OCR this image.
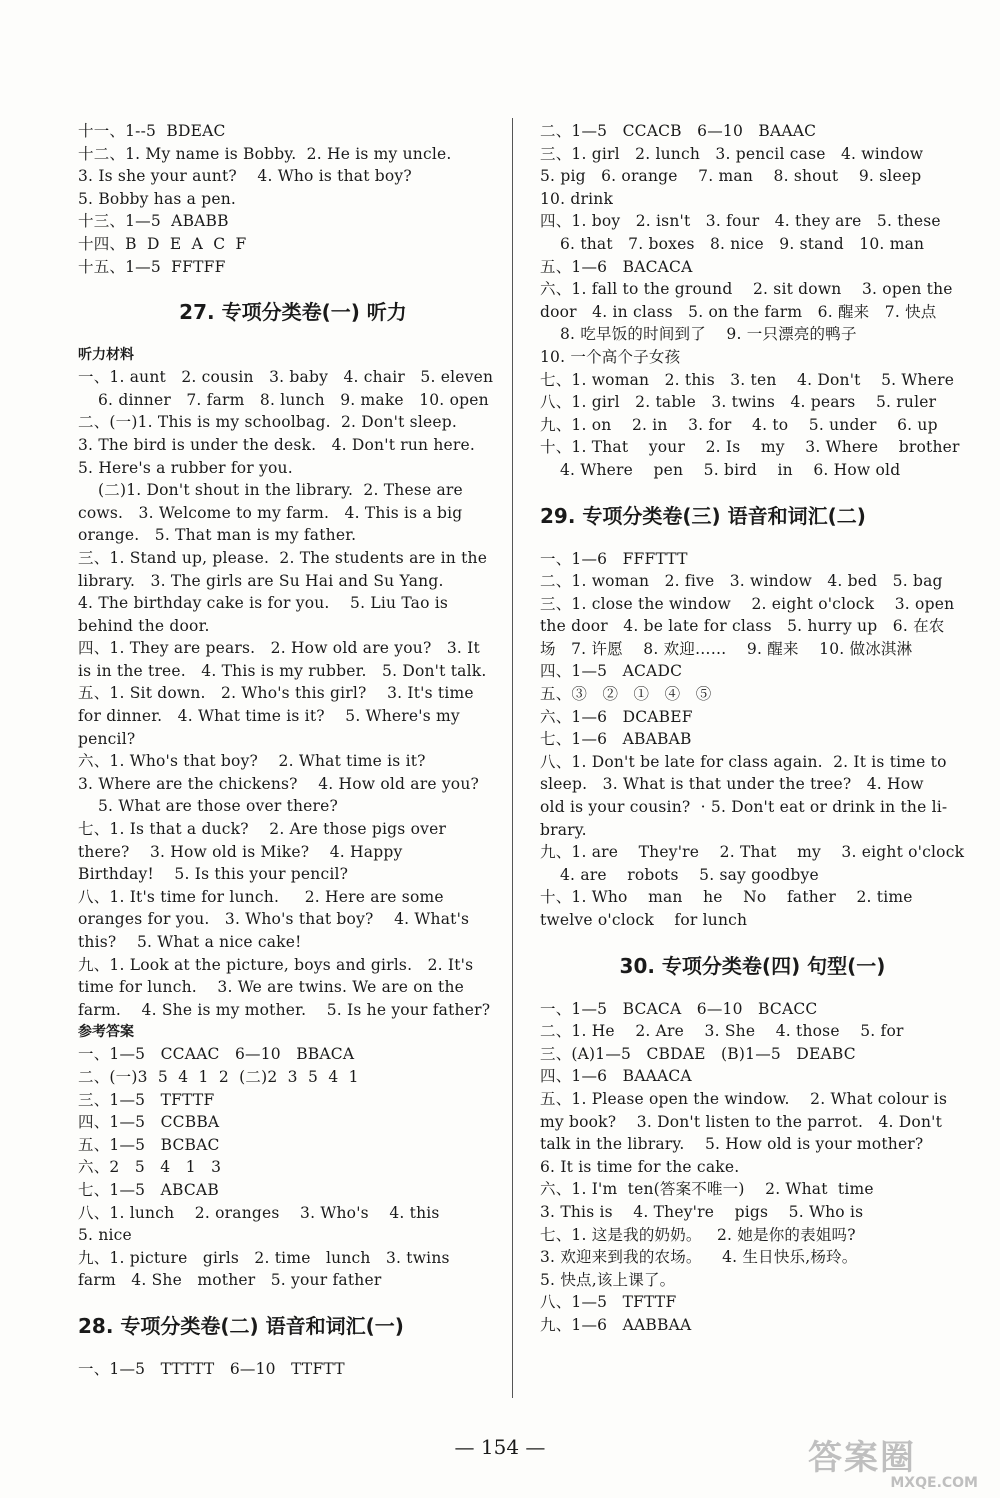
十一、1--5  BDEAC
十二、1. My name is Bobby.  2. He is my uncle.
3. Is she your aunt?    4. Who is that boy?
5. Bobby has a pen.
十三、1—5  ABABB
十四、B  D  E  A  C  F
十五、1—5  FFTFF
27. 专项分类卷(一) 听力
听力材料
一、1. aunt   2. cousin   3. baby   4. chair   5. eleven
6. dinner   7. farm   8. lunch   9. make   10. open
二、(一)1. This is my schoolbag.  2. Don't sleep.
3. The bird is under the desk.   4. Don't run here.
5. Here's a rubber for you.
(二)1. Don't shout in the library.  2. These are
cows.   3. Welcome to my farm.   4. This is a big
orange.   5. That man is my father.
三、1. Stand up, please.  2. The students are in the
library.   3. The girls are Su Hai and Su Yang.
4. The birthday cake is for you.    5. Liu Tao is
behind the door.
四、1. They are pears.   2. How old are you?   3. It
is in the tree.   4. This is my rubber.   5. Don't talk.
五、1. Sit down.   2. Who's this girl?    3. It's time
for dinner.   4. What time is it?    5. Where's my
pencil?
六、1. Who's that boy?    2. What time is it?
3. Where are the chickens?    4. How old are you?
5. What are those over there?
七、1. Is that a duck?    2. Are those pigs over
there?    3. How old is Mike?    4. Happy
Birthday!    5. Is this your pencil?
八、1. It's time for lunch.     2. Here are some
oranges for you.   3. Who's that boy?    4. What's
this?    5. What a nice cake!
九、1. Look at the picture, boys and girls.   2. It's
time for lunch.    3. We are twins. We are on the
farm.    4. She is my mother.    5. Is he your father?
参考答案
一、1—5   CCAAC   6—10   BBACA
二、(一)3  5  4  1  2  (二)2  3  5  4  1
三、1—5   TFTTF
四、1—5   CCBBA
五、1—5   BCBAC
六、2   5   4   1   3
七、1—5   ABCAB
八、1. lunch    2. oranges    3. Who's    4. this
5. nice
九、1. picture   girls   2. time   lunch   3. twins
farm   4. She   mother   5. your father
28. 专项分类卷(二) 语音和词汇(一)
一、1—5   TTTTT   6—10   TTFTT
二、1—5   CCACB   6—10   BAAAC
三、1. girl   2. lunch   3. pencil case   4. window
5. pig   6. orange    7. man    8. shout    9. sleep
10. drink
四、1. boy   2. isn't   3. four   4. they are   5. these
6. that   7. boxes   8. nice   9. stand   10. man
五、1—6   BACACA
六、1. fall to the ground    2. sit down    3. open the
door   4. in class   5. on the farm   6. 醒来   7. 快点
8. 吃早饭的时间到了    9. 一只漂亮的鸭子
10. 一个高个子女孩
七、1. woman   2. this   3. ten    4. Don't    5. Where
八、1. girl   2. table   3. twins   4. pears    5. ruler
九、1. on    2. in    3. for    4. to    5. under    6. up
十、1. That    your    2. Is    my    3. Where    brother
4. Where    pen    5. bird    in    6. How old
29. 专项分类卷(三) 语音和词汇(二)
一、1—6   FFFTTT
二、1. woman   2. five   3. window   4. bed   5. bag
三、1. close the window    2. eight o'clock    3. open
the door   4. be late for class   5. hurry up   6. 在农
场   7. 许愿    8. 欢迎……    9. 醒来    10. 做冰淇淋
四、1—5   ACADC
五、③   ②   ①   ④   ⑤
六、1—6   DCABEF
七、1—6   ABABAB
八、1. Don't be late for class again.  2. It is time to
sleep.   3. What is that under the tree?   4. How
old is your cousin?  · 5. Don't eat or drink in the li-
brary.
九、1. are    They're    2. That    my    3. eight o'clock
4. are    robots    5. say goodbye
十、1. Who    man    he    No    father    2. time
twelve o'clock    for lunch
30. 专项分类卷(四) 句型(一)
一、1—5   BCACA   6—10   BCACC
二、1. He    2. Are    3. She    4. those    5. for
三、(A)1—5   CBDAE   (B)1—5   DEABC
四、1—6   BAAACA
五、1. Please open the window.    2. What colour is
my book?    3. Don't listen to the parrot.   4. Don't
talk in the library.    5. How old is your mother?
6. It is time for the cake.
六、1. I'm  ten(答案不唯一)    2. What  time
3. This is    4. They're    pigs    5. Who is
七、1. 这是我的奶奶。   2. 她是你的表姐吗?
3. 欢迎来到我的农场。    4. 生日快乐,杨玲。
5. 快点,该上课了。
八、1—5   TFTTF
九、1—6   AABBAA
— 154 —	答案圈
MXQE.COM
